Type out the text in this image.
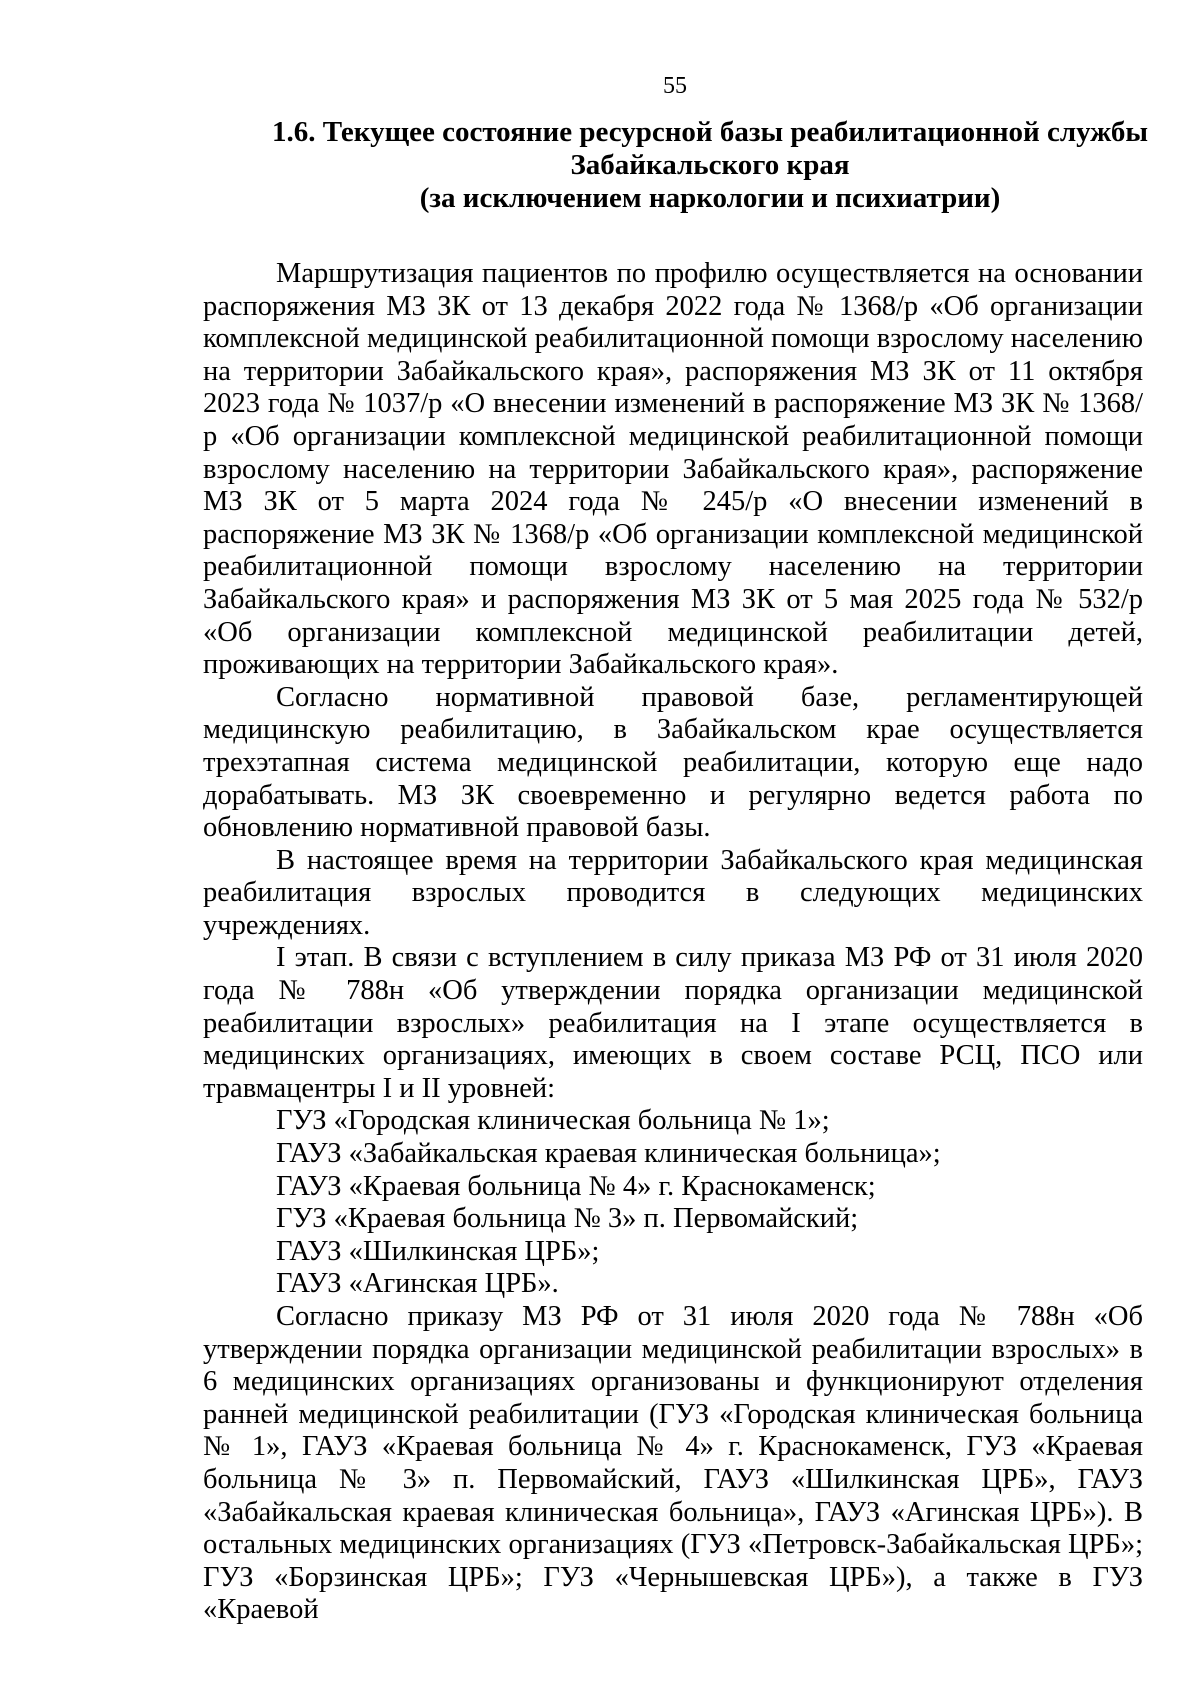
55
1.6. Текущее состояние ресурсной базы реабилитационной службы
Забайкальского края
(за исключением наркологии и психиатрии)

Маршрутизация пациентов по профилю осуществляется на основании распоряжения МЗ ЗК от 13 декабря 2022 года № 1368/р «Об организации комплексной медицинской реабилитационной помощи взрослому населению на территории Забайкальского края», распоряжения МЗ ЗК от 11 октября 2023 года № 1037/р «О внесении изменений в распоряжение МЗ ЗК № 1368/р «Об организации комплексной медицинской реабилитационной помощи взрослому населению на территории Забайкальского края», распоряжение МЗ ЗК от 5 марта 2024 года № 245/р «О внесении изменений в распоряжение МЗ ЗК № 1368/р «Об организации комплексной медицинской реабилитационной помощи взрослому населению на территории Забайкальского края» и распоряжения МЗ ЗК от 5 мая 2025 года № 532/р «Об организации комплексной медицинской реабилитации детей, проживающих на территории Забайкальского края».

Согласно нормативной правовой базе, регламентирующей медицинскую реабилитацию, в Забайкальском крае осуществляется трехэтапная система медицинской реабилитации, которую еще надо дорабатывать. МЗ ЗК своевременно и регулярно ведется работа по обновлению нормативной правовой базы.

В настоящее время на территории Забайкальского края медицинская реабилитация взрослых проводится в следующих медицинских учреждениях.

I этап. В связи с вступлением в силу приказа МЗ РФ от 31 июля 2020 года № 788н «Об утверждении порядка организации медицинской реабилитации взрослых» реабилитация на I этапе осуществляется в медицинских организациях, имеющих в своем составе РСЦ, ПСО или травмацентры I и II уровней:

ГУЗ «Городская клиническая больница № 1»;

ГАУЗ «Забайкальская краевая клиническая больница»;

ГАУЗ «Краевая больница № 4» г. Краснокаменск;

ГУЗ «Краевая больница № 3» п. Первомайский;

ГАУЗ «Шилкинская ЦРБ»;

ГАУЗ «Агинская ЦРБ».

Согласно приказу МЗ РФ от 31 июля 2020 года № 788н «Об утверждении порядка организации медицинской реабилитации взрослых» в 6 медицинских организациях организованы и функционируют отделения ранней медицинской реабилитации (ГУЗ «Городская клиническая больница № 1», ГАУЗ «Краевая больница № 4» г. Краснокаменск, ГУЗ «Краевая больница № 3» п. Первомайский, ГАУЗ «Шилкинская ЦРБ», ГАУЗ «Забайкальская краевая клиническая больница», ГАУЗ «Агинская ЦРБ»). В остальных медицинских организациях (ГУЗ «Петровск-Забайкальская ЦРБ»; ГУЗ «Борзинская ЦРБ»; ГУЗ «Чернышевская ЦРБ»), а также в ГУЗ «Краевой
